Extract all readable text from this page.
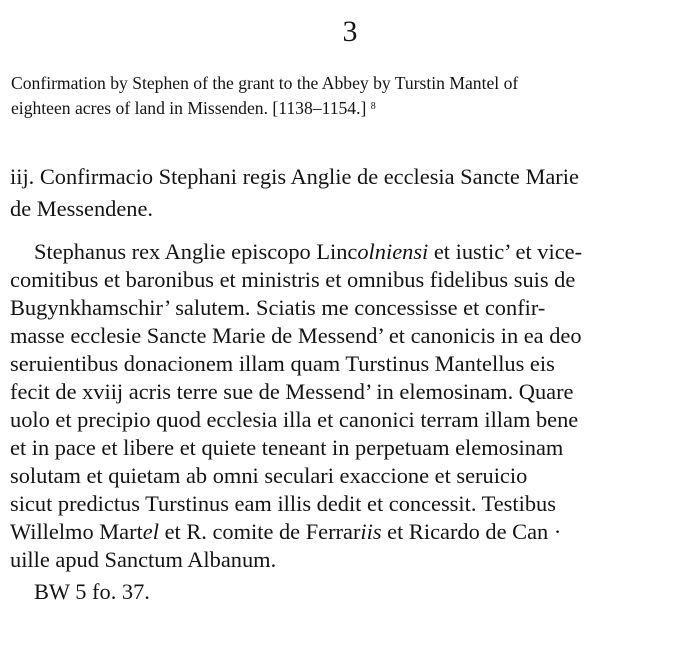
3
Confirmation by Stephen of the grant to the Abbey by Turstin Mantel of
eighteen acres of land in Missenden. [1138–1154.] $^8$
iij. Confirmacio Stephani regis Anglie de ecclesia Sancte Marie
de Messendene.
Stephanus rex Anglie episcopo Lincolniensi et iustic’ et vice-
comitibus et baronibus et ministris et omnibus fidelibus suis de
Bugynkhamschir’ salutem. Sciatis me concessisse et confir-
masse ecclesie Sancte Marie de Messend’ et canonicis in ea deo
seruientibus donacionem illam quam Turstinus Mantellus eis
fecit de xviij acris terre sue de Messend’ in elemosinam. Quare
uolo et precipio quod ecclesia illa et canonici terram illam bene
et in pace et libere et quiete teneant in perpetuam elemosinam
solutam et quietam ab omni seculari exaccione et seruicio
sicut predictus Turstinus eam illis dedit et concessit. Testibus
Willelmo Martel et R. comite de Ferrariis et Ricardo de Can ·
uille apud Sanctum Albanum.
BW 5 fo. 37.
